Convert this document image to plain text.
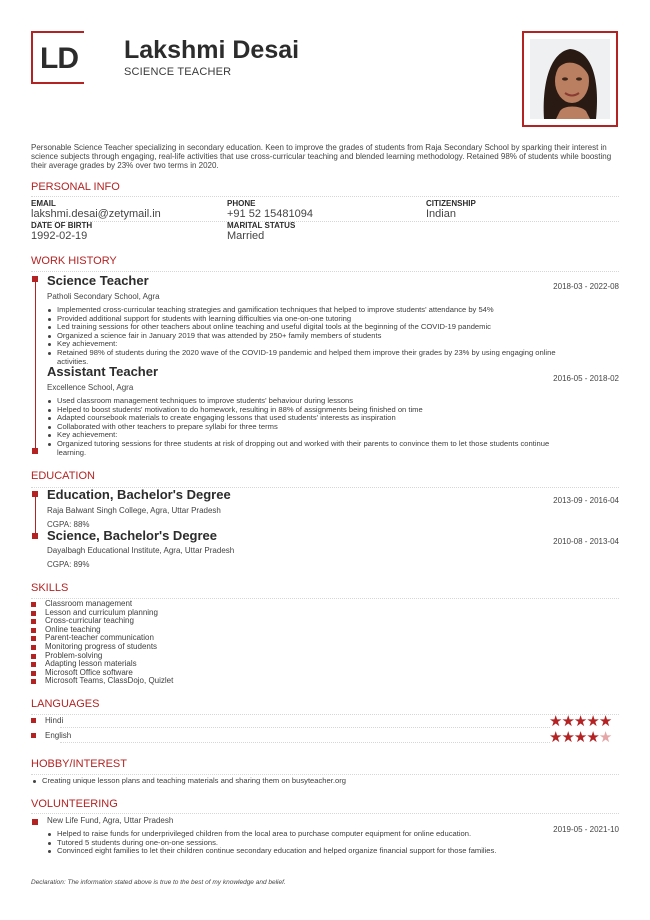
LD Lakshmi Desai
SCIENCE TEACHER
Personable Science Teacher specializing in secondary education. Keen to improve the grades of students from Raja Secondary School by sparking their interest in science subjects through engaging, real-life activities that use cross-curricular teaching and blended learning methodology. Retained 98% of students while boosting their average grades by 23% over two terms in 2020.
PERSONAL INFO
EMAIL
lakshmi.desai@zetymail.in
PHONE
+91 52 15481094
CITIZENSHIP
Indian
DATE OF BIRTH
1992-02-19
MARITAL STATUS
Married
WORK HISTORY
Science Teacher	2018-03 - 2022-08
Patholi Secondary School, Agra
Implemented cross-curricular teaching strategies and gamification techniques that helped to improve students' attendance by 54%
Provided additional support for students with learning difficulties via one-on-one tutoring
Led training sessions for other teachers about online teaching and useful digital tools at the beginning of the COVID-19 pandemic
Organized a science fair in January 2019 that was attended by 250+ family members of students
Key achievement:
Retained 98% of students during the 2020 wave of the COVID-19 pandemic and helped them improve their grades by 23% by using engaging online activities.
Assistant Teacher	2016-05 - 2018-02
Excellence School, Agra
Used classroom management techniques to improve students' behaviour during lessons
Helped to boost students' motivation to do homework, resulting in 88% of assignments being finished on time
Adapted coursebook materials to create engaging lessons that used students' interests as inspiration
Collaborated with other teachers to prepare syllabi for three terms
Key achievement:
Organized tutoring sessions for three students at risk of dropping out and worked with their parents to convince them to let those students continue learning.
EDUCATION
Education, Bachelor's Degree	2013-09 - 2016-04
Raja Balwant Singh College, Agra, Uttar Pradesh
CGPA: 88%
Science, Bachelor's Degree	2010-08 - 2013-04
Dayalbagh Educational Institute, Agra, Uttar Pradesh
CGPA: 89%
SKILLS
Classroom management
Lesson and curriculum planning
Cross-curricular teaching
Online teaching
Parent-teacher communication
Monitoring progress of students
Problem-solving
Adapting lesson materials
Microsoft Office software
Microsoft Teams, ClassDojo, Quizlet
LANGUAGES
Hindi	★★★★★
English	★★★★★
HOBBY/INTEREST
Creating unique lesson plans and teaching materials and sharing them on busyteacher.org
VOLUNTEERING
New Life Fund, Agra, Uttar Pradesh
2019-05 - 2021-10
Helped to raise funds for underprivileged children from the local area to purchase computer equipment for online education.
Tutored 5 students during one-on-one sessions.
Convinced eight families to let their children continue secondary education and helped organize financial support for those families.
Declaration: The information stated above is true to the best of my knowledge and belief.
